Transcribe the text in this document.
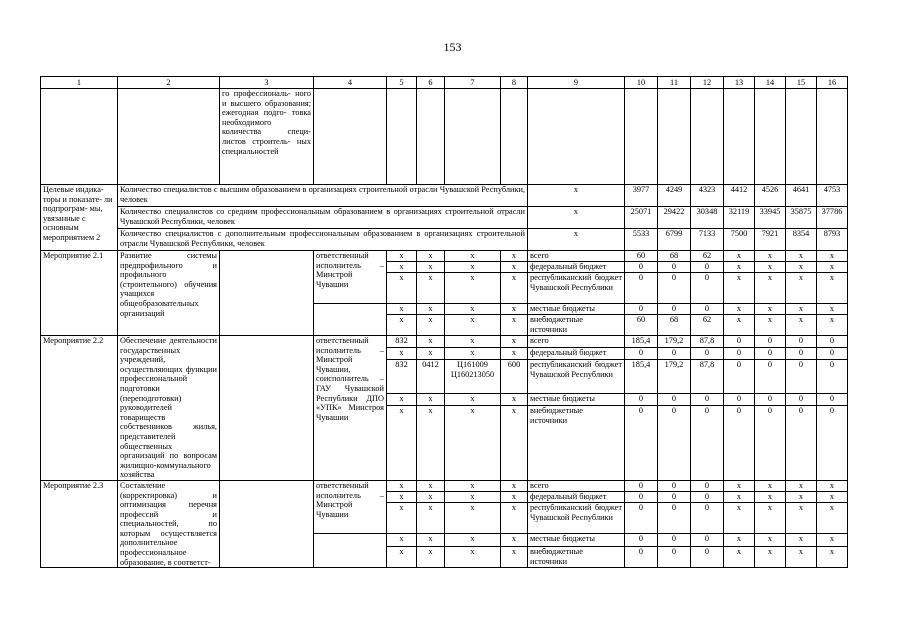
153
1	2	3	4	5	6	7	8	9	10	11	12	13	14	15	16
		го профессиональ- ного и высшего образования; ежегодная подго- товка необходимого количества специ- листов строитель- ных специальностей													
Целевые индика- торы и показате- ли подпрограм- мы, увязанные с основным мероприятием 2	Количество специалистов с высшим образованием в организациях строительной отрасли Чувашской Республики, человек							x	3977	4249	4323	4412	4526	4641	4753
	Количество специалистов со средним профессиональным образованием в организациях строительной отрасли Чувашской Республики, человек							x	25071	29422	30348	32119	33945	35875	37786
	Количество специалистов с дополнительным профессиональным образованием в организациях строительной отрасли Чувашской Республики, человек							x	5533	6799	7133	7500	7921	8354	8793
Мероприятие 2.1	Развитие системы предпрофильного и профильного (строительного) обучения учащихся общеобразовательных организаций		ответственный исполнитель – Минстрой Чувашии	x	x	x	x	всего	60	68	62	x	x	x	x
				x	x	x	x	федеральный бюджет	0	0	0	x	x	x	x
				x	x	x	x	республиканский бюджет Чувашской Республики	0	0	0	x	x	x	x
				x	x	x	x	местные бюджеты	0	0	0	x	x	x	x
				x	x	x	x	внебюджетные источники	60	68	62	x	x	x	x
Мероприятие 2.2	Обеспечение деятельности государственных учреждений, осуществляющих функции профессиональной подготовки (переподготовки) руководителей товариществ собственников жилья, представителей общественных организаций по вопросам жилищно-коммунального хозяйства		ответственный исполнитель – Минстрой Чувашии, соисполнитель – ГАУ Чувашской Республики ДПО «УПК» Минстроя Чувашии	832	x	x	x	всего	185,4	179,2	87,8	0	0	0	0
				x	x	x	x	федеральный бюджет	0	0	0	0	0	0	0
				832	0412	Ц161009 Ц160213050	600	республиканский бюджет Чувашской Республики	185,4	179,2	87,8	0	0	0	0
				x	x	x	x	местные бюджеты	0	0	0	0	0	0	0
				x	x	x	x	внебюджетные источники	0	0	0	0	0	0	0
Мероприятие 2.3	Составление (корректировка) и оптимизация перечня профессий и специальностей, по которым осуществляется дополнительное профессиональное образование, в соответст-		ответственный исполнитель – Минстрой Чувашии	x	x	x	x	всего	0	0	0	x	x	x	x
				x	x	x	x	федеральный бюджет	0	0	0	x	x	x	x
				x	x	x	x	республиканский бюджет Чувашской Республики	0	0	0	x	x	x	x
				x	x	x	x	местные бюджеты	0	0	0	x	x	x	x
				x	x	x	x	внебюджетные источники	0	0	0	x	x	x	x
